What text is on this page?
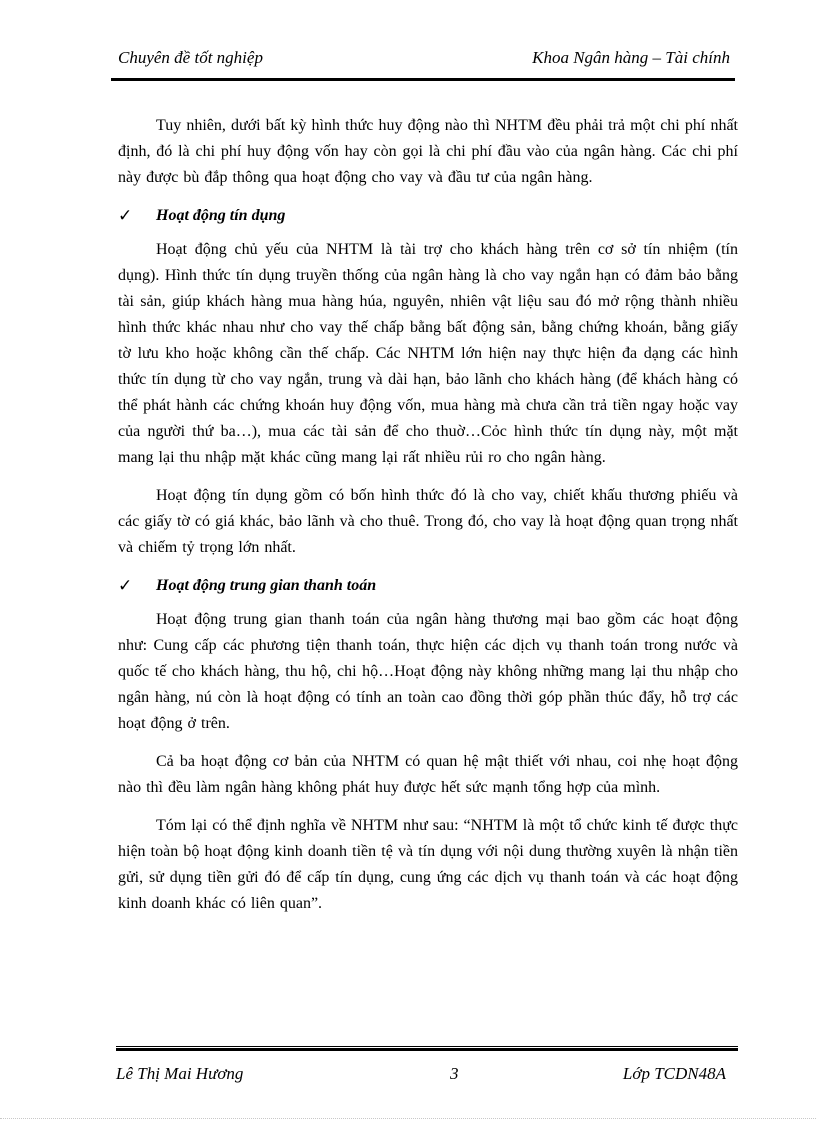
Chuyên đề tốt nghiệp	Khoa Ngân hàng – Tài chính

Tuy nhiên, dưới bất kỳ hình thức huy động nào thì NHTM đều phải trả một chi phí nhất định, đó là chi phí huy động vốn hay còn gọi là chi phí đầu vào của ngân hàng. Các chi phí này được bù đắp thông qua hoạt động cho vay và đầu tư của ngân hàng.

✓	Hoạt động tín dụng

Hoạt động chủ yếu của NHTM là tài trợ cho khách hàng trên cơ sở tín nhiệm (tín dụng). Hình thức tín dụng truyền thống của ngân hàng là cho vay ngắn hạn có đảm bảo bằng tài sản, giúp khách hàng mua hàng húa, nguyên, nhiên vật liệu sau đó mở rộng thành nhiều hình thức khác nhau như cho vay thế chấp bằng bất động sản, bằng chứng khoán, bằng giấy tờ lưu kho hoặc không cần thế chấp. Các NHTM lớn hiện nay thực hiện đa dạng các hình thức tín dụng từ cho vay ngắn, trung và dài hạn, bảo lãnh cho khách hàng (để khách hàng có thể phát hành các chứng khoán huy động vốn, mua hàng mà chưa cần trả tiền ngay hoặc vay của người thứ ba…), mua các tài sản để cho thuờ…Cỏc hình thức tín dụng này, một mặt mang lại thu nhập mặt khác cũng mang lại rất nhiều rủi ro cho ngân hàng.

Hoạt động tín dụng gồm có bốn hình thức đó là cho vay, chiết khấu thương phiếu và các giấy tờ có giá khác, bảo lãnh và cho thuê. Trong đó, cho vay là hoạt động quan trọng nhất và chiếm tỷ trọng lớn nhất.

✓	Hoạt động trung gian thanh toán

Hoạt động trung gian thanh toán của ngân hàng thương mại bao gồm các hoạt động như: Cung cấp các phương tiện thanh toán, thực hiện các dịch vụ thanh toán trong nước và quốc tế cho khách hàng, thu hộ, chi hộ…Hoạt động này không những mang lại thu nhập cho ngân hàng, nú còn là hoạt động có tính an toàn cao đồng thời góp phần thúc đẩy, hỗ trợ các hoạt động ở trên.

Cả ba hoạt động cơ bản của NHTM có quan hệ mật thiết với nhau, coi nhẹ hoạt động nào thì đều làm ngân hàng không phát huy được hết sức mạnh tổng hợp của mình.

Tóm lại có thể định nghĩa về NHTM như sau: “NHTM là một tổ chức kinh tế được thực hiện toàn bộ hoạt động kinh doanh tiền tệ và tín dụng với nội dung thường xuyên là nhận tiền gửi, sử dụng tiền gửi đó để cấp tín dụng, cung ứng các dịch vụ thanh toán và các hoạt động kinh doanh khác có liên quan”.

Lê Thị Mai Hương	3	Lớp TCDN48A
